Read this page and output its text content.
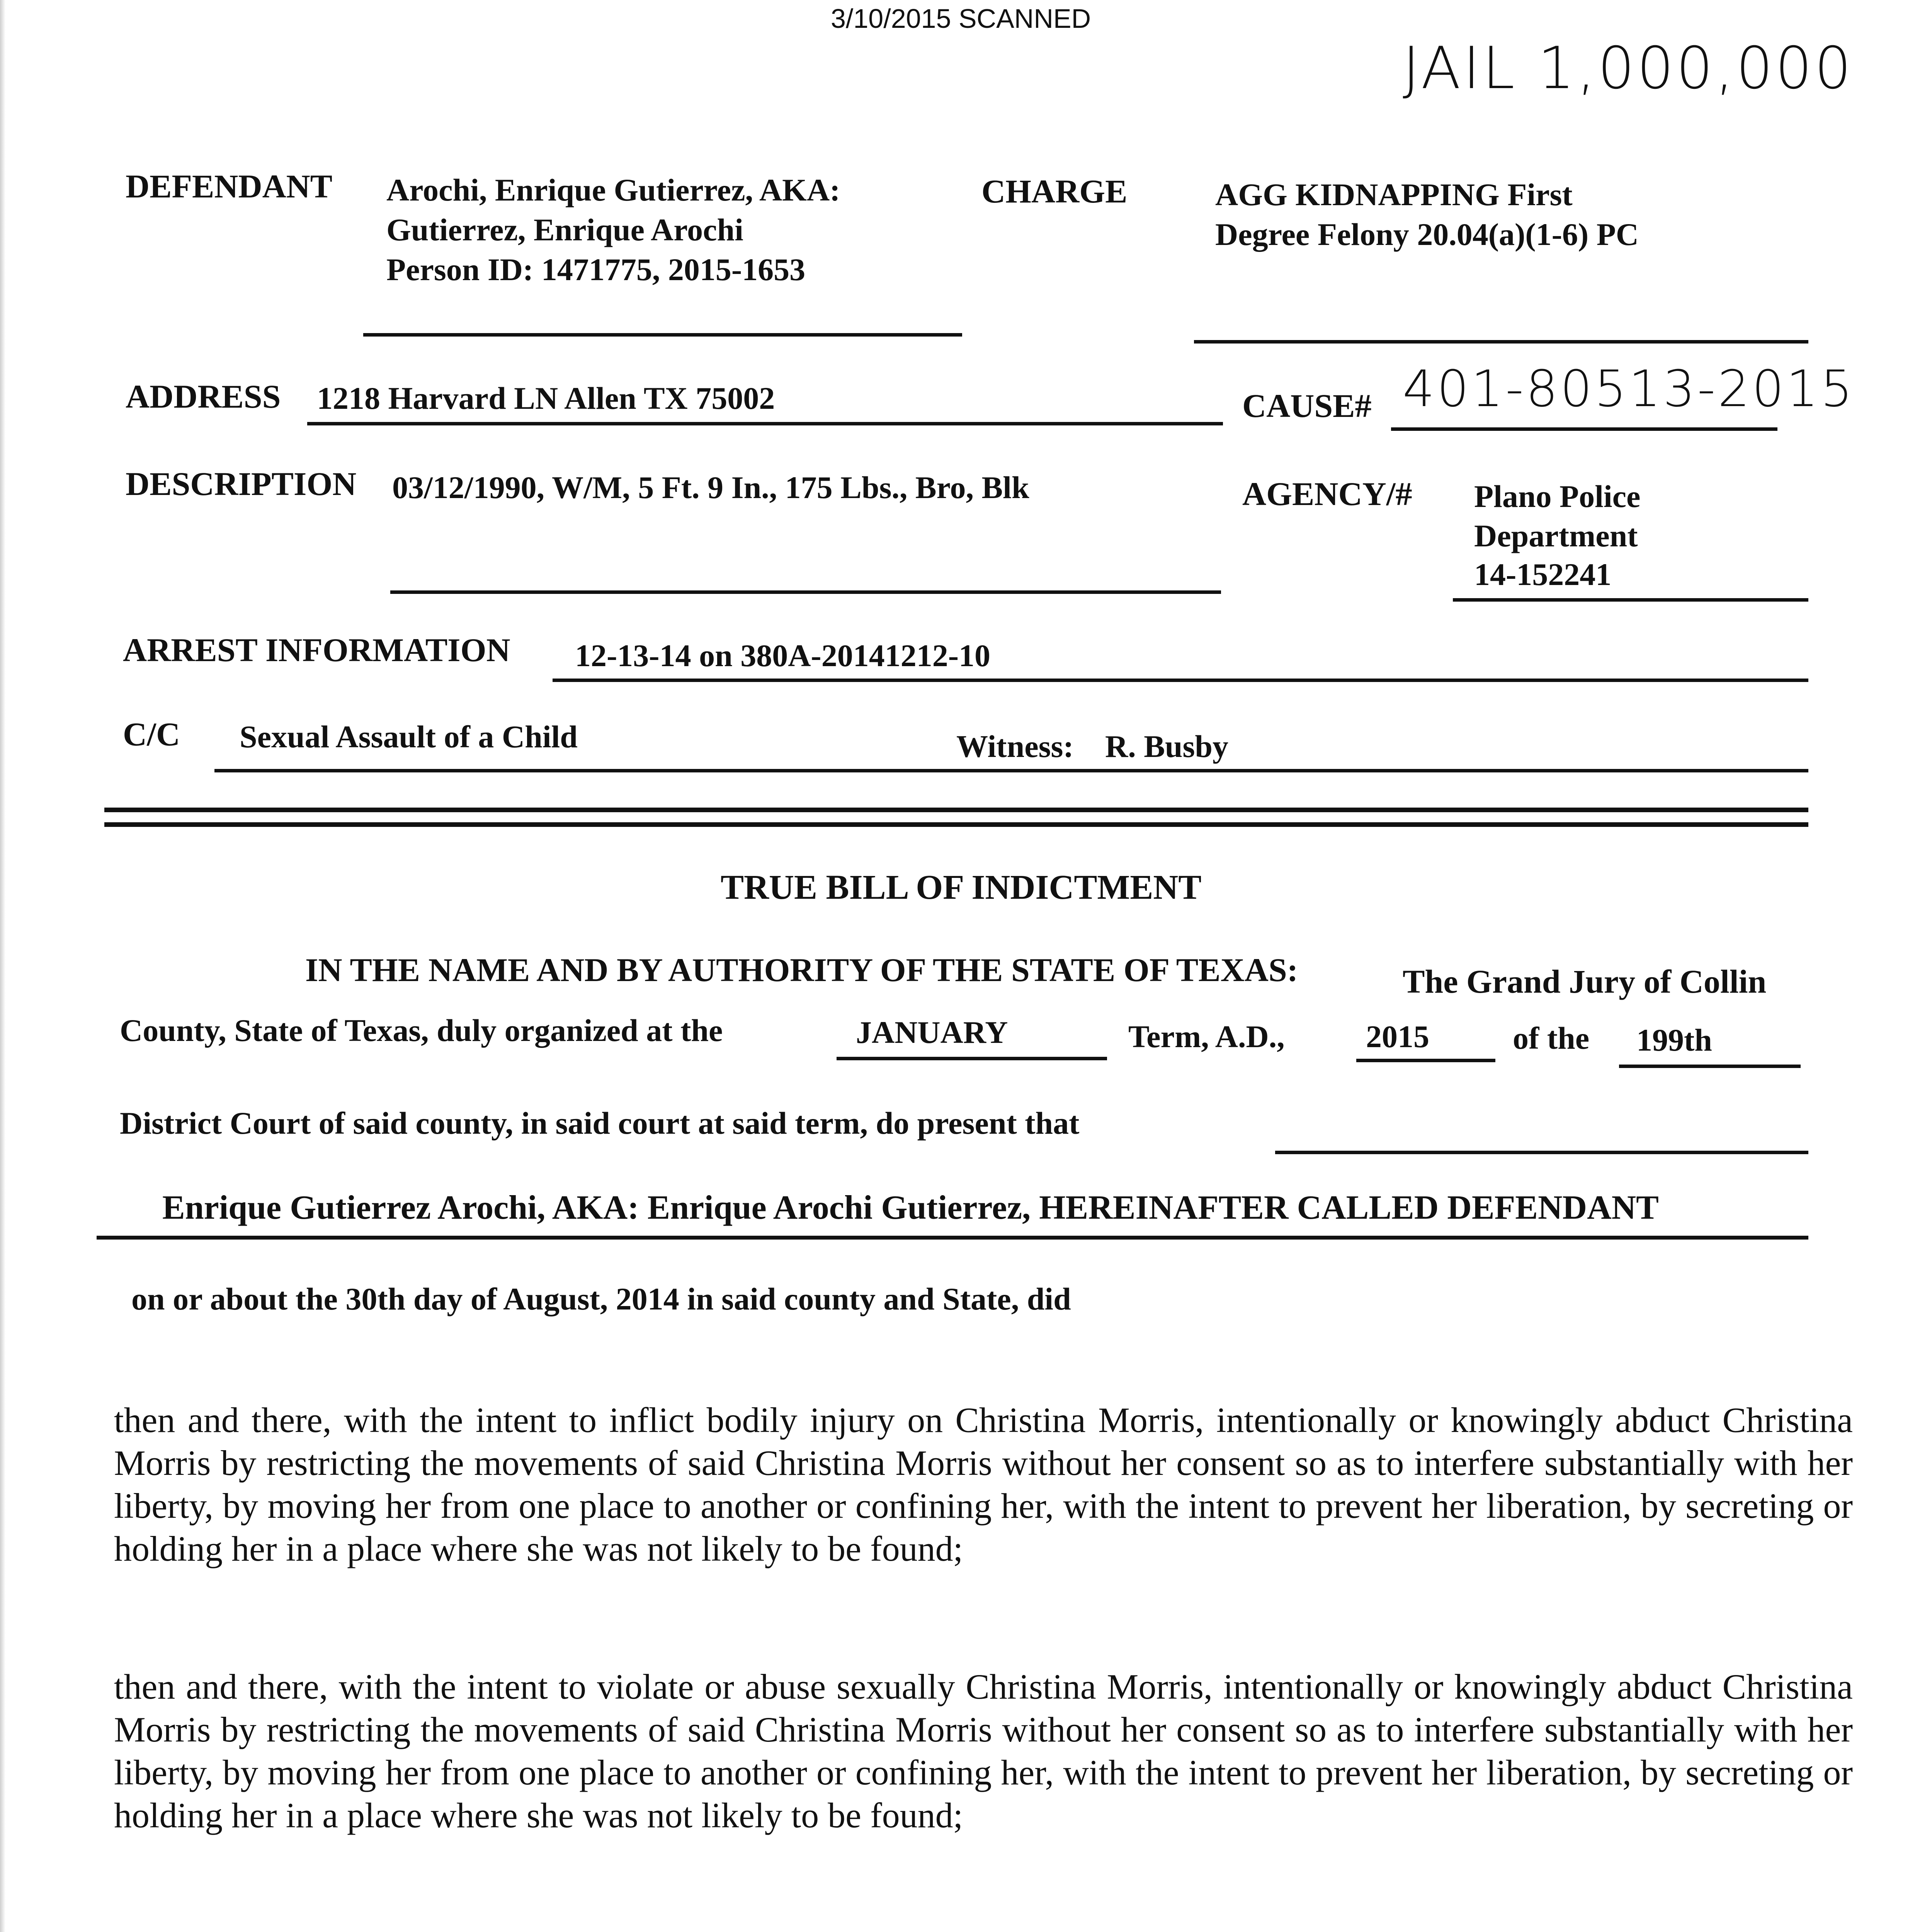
3/10/2015 SCANNED
JAIL 1,000,000
DEFENDANT Arochi, Enrique Gutierrez, AKA:
Gutierrez, Enrique Arochi
Person ID: 1471775, 2015-1653
CHARGE	AGG KIDNAPPING First
Degree Felony 20.04(a)(1-6) PC
ADDRESS 1218 Harvard LN Allen TX 75002	CAUSE# 401-80513-2015
DESCRIPTION 03/12/1990, W/M, 5 Ft. 9 In., 175 Lbs., Bro, Blk	AGENCY/# Plano Police
Department
14-152241
ARREST INFORMATION 12-13-14 on 380A-20141212-10
C/C Sexual Assault of a Child	Witness: R. Busby
TRUE BILL OF INDICTMENT
IN THE NAME AND BY AUTHORITY OF THE STATE OF TEXAS:	The Grand Jury of Collin
County, State of Texas, duly organized at the	JANUARY	Term, A.D.,	2015	of the 199th
District Court of said county, in said court at said term, do present that
Enrique Gutierrez Arochi, AKA: Enrique Arochi Gutierrez, HEREINAFTER CALLED DEFENDANT
on or about the 30th day of August, 2014 in said county and State, did
then and there, with the intent to inflict bodily injury on Christina Morris, intentionally or knowingly abduct Christina Morris by restricting the movements of said Christina Morris without her consent so as to interfere substantially with her liberty, by moving her from one place to another or confining her, with the intent to prevent her liberation, by secreting or holding her in a place where she was not likely to be found;
then and there, with the intent to violate or abuse sexually Christina Morris, intentionally or knowingly abduct Christina Morris by restricting the movements of said Christina Morris without her consent so as to interfere substantially with her liberty, by moving her from one place to another or confining her, with the intent to prevent her liberation, by secreting or holding her in a place where she was not likely to be found;
